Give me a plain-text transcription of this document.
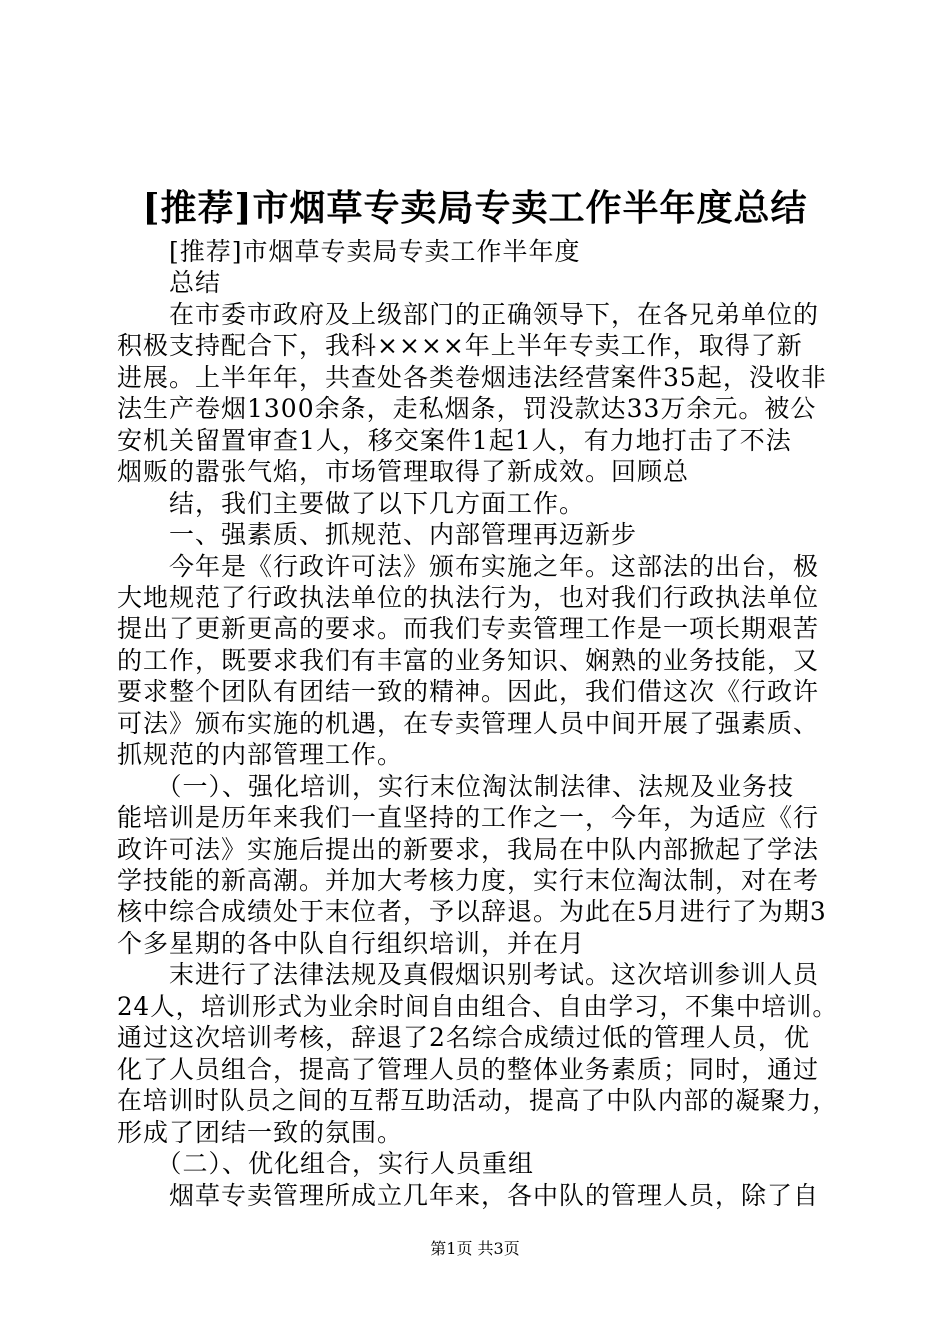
[推荐]市烟草专卖局专卖工作半年度总结
　　[推荐]市烟草专卖局专卖工作半年度
　　总结
　　在市委市政府及上级部门的正确领导下，在各兄弟单位的
积极支持配合下，我科××××年上半年专卖工作，取得了新
进展。上半年年，共查处各类卷烟违法经营案件35起，没收非
法生产卷烟1300余条，走私烟条，罚没款达33万余元。被公
安机关留置审查1人，移交案件1起1人，有力地打击了不法
烟贩的嚣张气焰，市场管理取得了新成效。回顾总
　　结，我们主要做了以下几方面工作。
　　一、强素质、抓规范、内部管理再迈新步
　　今年是《行政许可法》颁布实施之年。这部法的出台，极
大地规范了行政执法单位的执法行为，也对我们行政执法单位
提出了更新更高的要求。而我们专卖管理工作是一项长期艰苦
的工作，既要求我们有丰富的业务知识、娴熟的业务技能，又
要求整个团队有团结一致的精神。因此，我们借这次《行政许
可法》颁布实施的机遇，在专卖管理人员中间开展了强素质、
抓规范的内部管理工作。
　　（一）、强化培训，实行末位淘汰制法律、法规及业务技
能培训是历年来我们一直坚持的工作之一，今年，为适应《行
政许可法》实施后提出的新要求，我局在中队内部掀起了学法
学技能的新高潮。并加大考核力度，实行末位淘汰制，对在考
核中综合成绩处于末位者，予以辞退。为此在5月进行了为期3
个多星期的各中队自行组织培训，并在月
　　末进行了法律法规及真假烟识别考试。这次培训参训人员
24人，培训形式为业余时间自由组合、自由学习，不集中培训。
通过这次培训考核，辞退了2名综合成绩过低的管理人员，优
化了人员组合，提高了管理人员的整体业务素质；同时，通过
在培训时队员之间的互帮互助活动，提高了中队内部的凝聚力，
形成了团结一致的氛围。
　　（二）、优化组合，实行人员重组
　　烟草专卖管理所成立几年来，各中队的管理人员，除了自
第1页 共3页
